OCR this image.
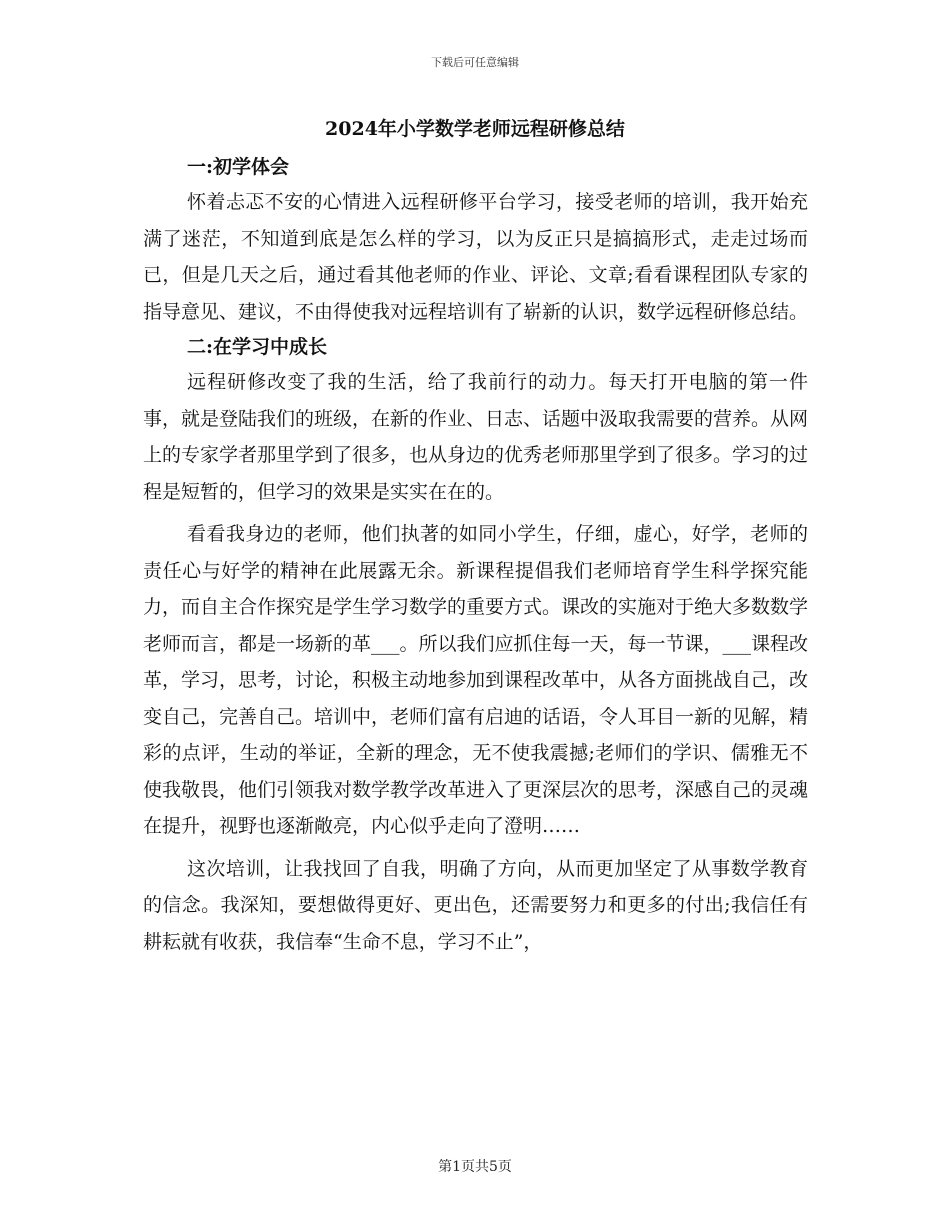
下载后可任意编辑
2024年小学数学老师远程研修总结

一:初学体会

怀着忐忑不安的心情进入远程研修平台学习，接受老师的培训，我开始充满了迷茫，不知道到底是怎么样的学习，以为反正只是搞搞形式，走走过场而已，但是几天之后，通过看其他老师的作业、评论、文章;看看课程团队专家的指导意见、建议，不由得使我对远程培训有了崭新的认识，数学远程研修总结。

二:在学习中成长

远程研修改变了我的生活，给了我前行的动力。每天打开电脑的第一件事，就是登陆我们的班级，在新的作业、日志、话题中汲取我需要的营养。从网上的专家学者那里学到了很多，也从身边的优秀老师那里学到了很多。学习的过程是短暂的，但学习的效果是实实在在的。

看看我身边的老师，他们执著的如同小学生，仔细，虚心，好学，老师的责任心与好学的精神在此展露无余。新课程提倡我们老师培育学生科学探究能力，而自主合作探究是学生学习数学的重要方式。课改的实施对于绝大多数数学老师而言，都是一场新的革___。所以我们应抓住每一天，每一节课，___课程改革，学习，思考，讨论，积极主动地参加到课程改革中，从各方面挑战自己，改变自己，完善自己。培训中，老师们富有启迪的话语，令人耳目一新的见解，精彩的点评，生动的举证，全新的理念，无不使我震撼;老师们的学识、儒雅无不使我敬畏，他们引领我对数学教学改革进入了更深层次的思考，深感自己的灵魂在提升，视野也逐渐敞亮，内心似乎走向了澄明……

这次培训，让我找回了自我，明确了方向，从而更加坚定了从事数学教育的信念。我深知，要想做得更好、更出色，还需要努力和更多的付出;我信任有耕耘就有收获，我信奉“生命不息，学习不止”，

第1页共5页
